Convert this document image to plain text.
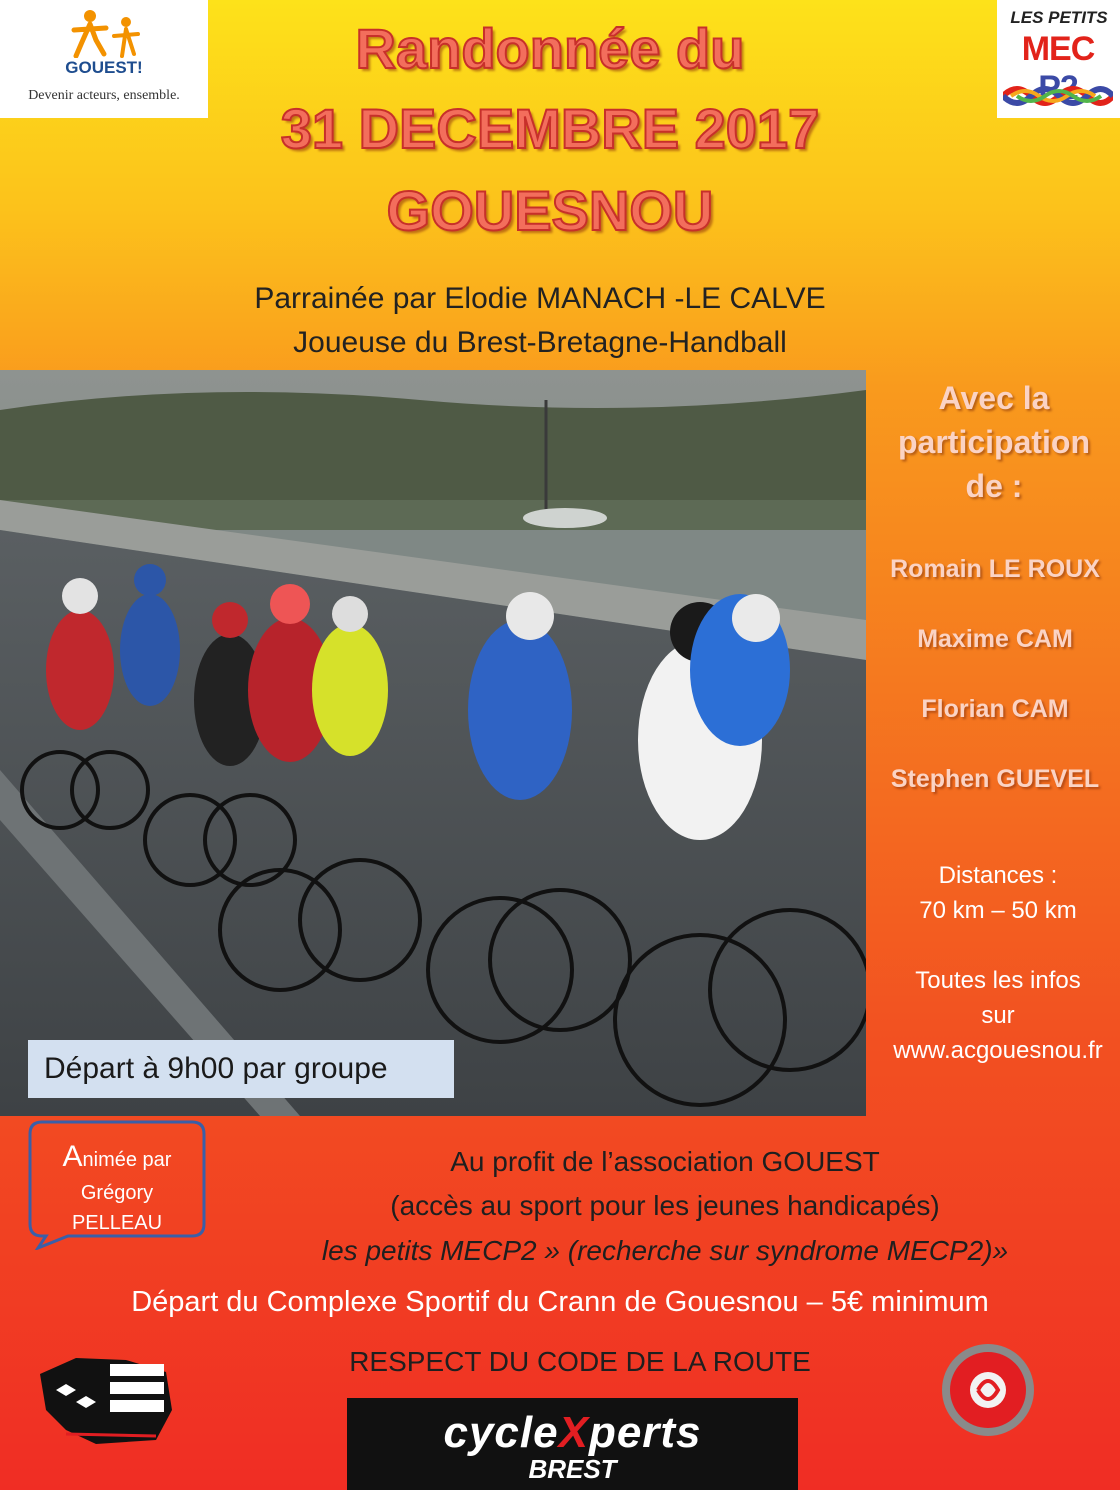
GOUEST!
Devenir acteurs, ensemble.
LES PETITS
MEC P2
Randonnée du
31 DECEMBRE 2017
GOUESNOU
Parrainée par Elodie MANACH -LE CALVE
Joueuse du Brest-Bretagne-Handball
Départ à 9h00 par groupe
Avec la
participation
de :
Romain LE ROUX
Maxime CAM
Florian CAM
Stephen GUEVEL
Distances :
70 km – 50 km
Toutes les infos
sur
www.acgouesnou.fr
Animée par
Grégory
PELLEAU
Au profit de l’association GOUEST
(accès au sport pour les jeunes handicapés)
les petits MECP2 » (recherche sur syndrome MECP2)»
Départ du Complexe Sportif du Crann de Gouesnou – 5€ minimum
RESPECT DU CODE DE LA ROUTE
cycleXperts
BREST
